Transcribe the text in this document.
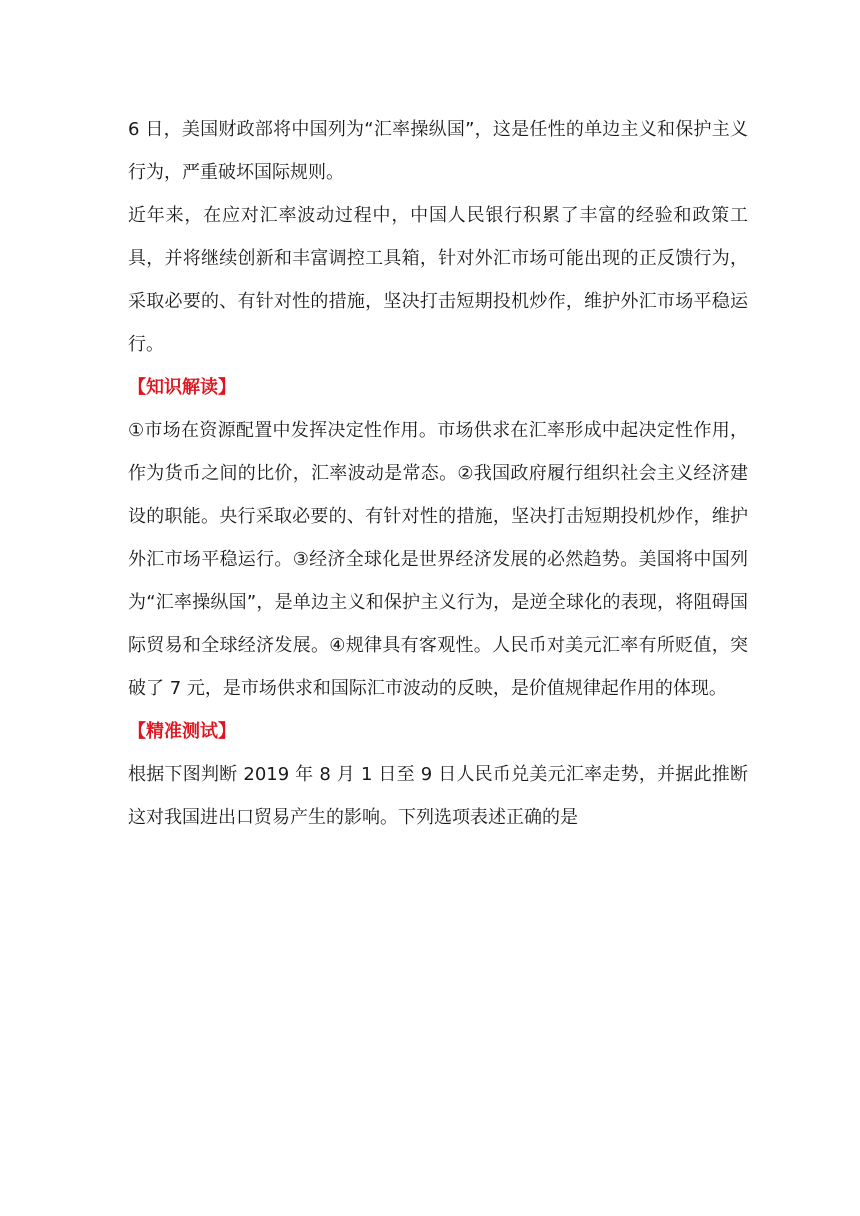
6 日，美国财政部将中国列为“汇率操纵国”，这是任性的单边主义和保护主义行为，严重破坏国际规则。

近年来，在应对汇率波动过程中，中国人民银行积累了丰富的经验和政策工具，并将继续创新和丰富调控工具箱，针对外汇市场可能出现的正反馈行为，采取必要的、有针对性的措施，坚决打击短期投机炒作，维护外汇市场平稳运行。

【知识解读】

①市场在资源配置中发挥决定性作用。市场供求在汇率形成中起决定性作用，作为货币之间的比价，汇率波动是常态。②我国政府履行组织社会主义经济建设的职能。央行采取必要的、有针对性的措施，坚决打击短期投机炒作，维护外汇市场平稳运行。③经济全球化是世界经济发展的必然趋势。美国将中国列为“汇率操纵国”，是单边主义和保护主义行为，是逆全球化的表现，将阻碍国际贸易和全球经济发展。④规律具有客观性。人民币对美元汇率有所贬值，突破了 7 元，是市场供求和国际汇市波动的反映，是价值规律起作用的体现。

【精准测试】

根据下图判断 2019 年 8 月 1 日至 9 日人民币兑美元汇率走势，并据此推断这对我国进出口贸易产生的影响。下列选项表述正确的是
